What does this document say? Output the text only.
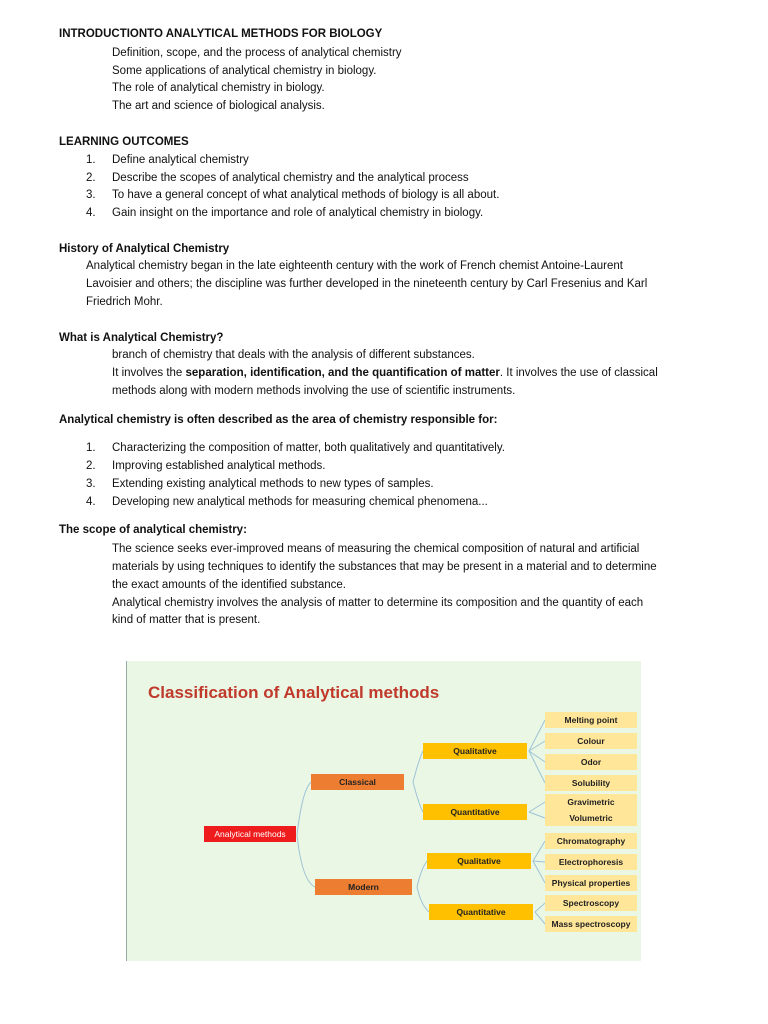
INTRODUCTIONTO ANALYTICAL METHODS FOR BIOLOGY
Definition, scope, and the process of analytical chemistry
Some applications of analytical chemistry in biology.
The role of analytical chemistry in biology.
The art and science of biological analysis.
LEARNING OUTCOMES
1. Define analytical chemistry
2. Describe the scopes of analytical chemistry and the analytical process
3. To have a general concept of what analytical methods of biology is all about.
4. Gain insight on the importance and role of analytical chemistry in biology.
History of Analytical Chemistry
Analytical chemistry began in the late eighteenth century with the work of French chemist Antoine-Laurent
Lavoisier and others; the discipline was further developed in the nineteenth century by Carl Fresenius and Karl
Friedrich Mohr.
What is Analytical Chemistry?
branch of chemistry that deals with the analysis of different substances.
It involves the separation, identification, and the quantification of matter. It involves the use of classical
methods along with modern methods involving the use of scientific instruments.
Analytical chemistry is often described as the area of chemistry responsible for:
1. Characterizing the composition of matter, both qualitatively and quantitatively.
2. Improving established analytical methods.
3. Extending existing analytical methods to new types of samples.
4. Developing new analytical methods for measuring chemical phenomena...
The scope of analytical chemistry:
The science seeks ever-improved means of measuring the chemical composition of natural and artificial
materials by using techniques to identify the substances that may be present in a material and to determine
the exact amounts of the identified substance.
Analytical chemistry involves the analysis of matter to determine its composition and the quantity of each
kind of matter that is present.
Classification of Analytical methods
Analytical methods
Classical
Modern
Qualitative
Quantitative
Qualitative
Quantitative
Melting point
Colour
Odor
Solubility
Gravimetric
Volumetric
Chromatography
Electrophoresis
Physical properties
Spectroscopy
Mass spectroscopy
